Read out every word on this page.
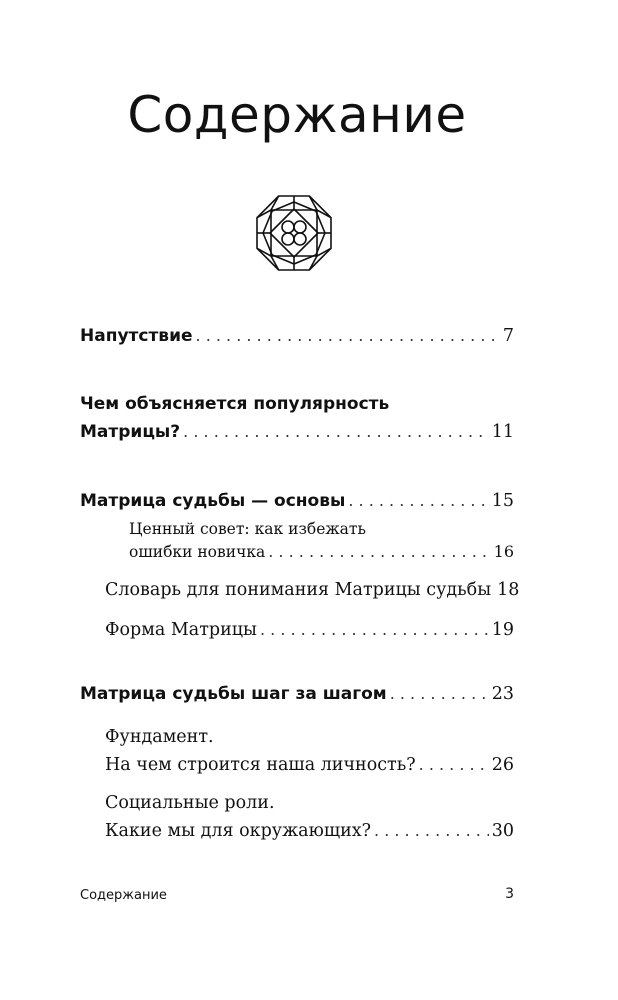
Содержание
Напутствие . . .	7
Чем объясняется популярность
Матрицы? . . .	11
Матрица судьбы — основы . . .	15
Ценный совет: как избежать
ошибки новичка . . .	16
Словарь для понимания Матрицы судьбы 18
Форма Матрицы . . .	19
Матрица судьбы шаг за шагом . . .	23
Фундамент.
На чем строится наша личность? . . .	26
Социальные роли.
Какие мы для окружающих? . . .	30
Содержание	3
